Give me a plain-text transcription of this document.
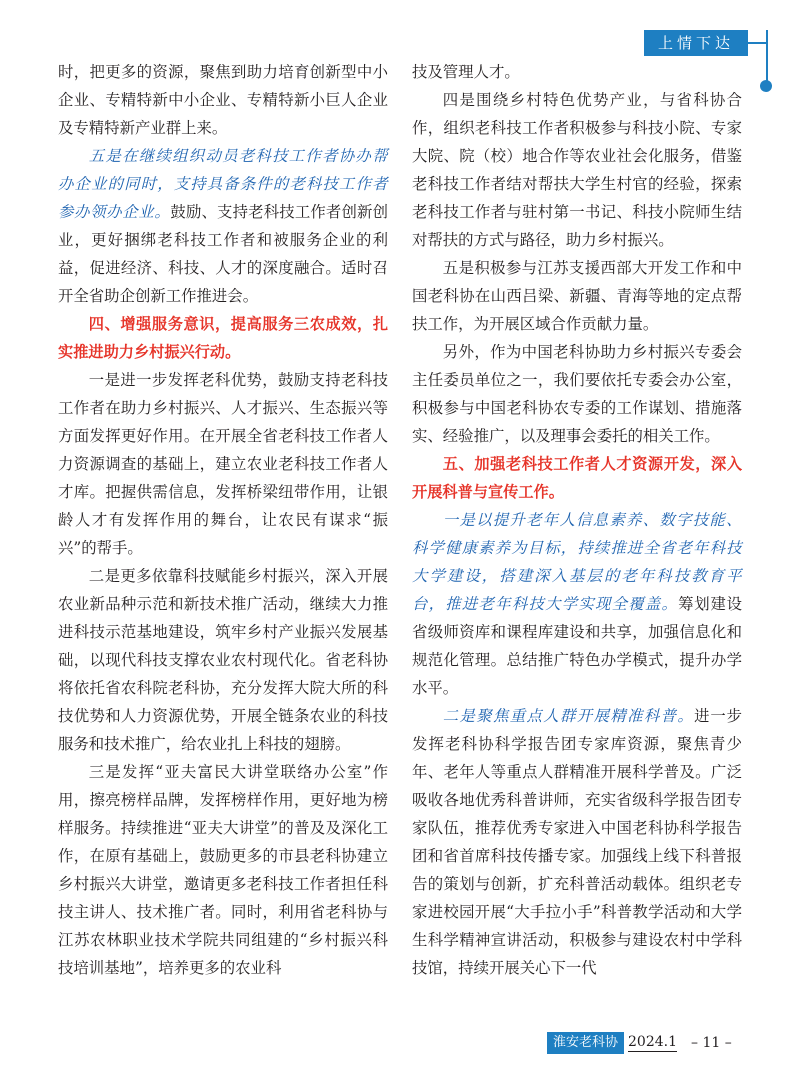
上情下达

时，把更多的资源，聚焦到助力培育创新型中小企业、专精特新中小企业、专精特新小巨人企业及专精特新产业群上来。

五是在继续组织动员老科技工作者协办帮办企业的同时，支持具备条件的老科技工作者参办领办企业。鼓励、支持老科技工作者创新创业，更好捆绑老科技工作者和被服务企业的利益，促进经济、科技、人才的深度融合。适时召开全省助企创新工作推进会。

四、增强服务意识，提高服务三农成效，扎实推进助力乡村振兴行动。

一是进一步发挥老科优势，鼓励支持老科技工作者在助力乡村振兴、人才振兴、生态振兴等方面发挥更好作用。在开展全省老科技工作者人力资源调查的基础上，建立农业老科技工作者人才库。把握供需信息，发挥桥梁纽带作用，让银龄人才有发挥作用的舞台，让农民有谋求“振兴”的帮手。

二是更多依靠科技赋能乡村振兴，深入开展农业新品种示范和新技术推广活动，继续大力推进科技示范基地建设，筑牢乡村产业振兴发展基础，以现代科技支撑农业农村现代化。省老科协将依托省农科院老科协，充分发挥大院大所的科技优势和人力资源优势，开展全链条农业的科技服务和技术推广，给农业扎上科技的翅膀。

三是发挥“亚夫富民大讲堂联络办公室”作用，擦亮榜样品牌，发挥榜样作用，更好地为榜样服务。持续推进“亚夫大讲堂”的普及及深化工作，在原有基础上，鼓励更多的市县老科协建立乡村振兴大讲堂，邀请更多老科技工作者担任科技主讲人、技术推广者。同时，利用省老科协与江苏农林职业技术学院共同组建的“乡村振兴科技培训基地”，培养更多的农业科

技及管理人才。

四是围绕乡村特色优势产业，与省科协合作，组织老科技工作者积极参与科技小院、专家大院、院（校）地合作等农业社会化服务，借鉴老科技工作者结对帮扶大学生村官的经验，探索老科技工作者与驻村第一书记、科技小院师生结对帮扶的方式与路径，助力乡村振兴。

五是积极参与江苏支援西部大开发工作和中国老科协在山西吕梁、新疆、青海等地的定点帮扶工作，为开展区域合作贡献力量。

另外，作为中国老科协助力乡村振兴专委会主任委员单位之一，我们要依托专委会办公室，积极参与中国老科协农专委的工作谋划、措施落实、经验推广，以及理事会委托的相关工作。

五、加强老科技工作者人才资源开发，深入开展科普与宣传工作。

一是以提升老年人信息素养、数字技能、科学健康素养为目标，持续推进全省老年科技大学建设，搭建深入基层的老年科技教育平台，推进老年科技大学实现全覆盖。筹划建设省级师资库和课程库建设和共享，加强信息化和规范化管理。总结推广特色办学模式，提升办学水平。

二是聚焦重点人群开展精准科普。进一步发挥老科协科学报告团专家库资源，聚焦青少年、老年人等重点人群精准开展科学普及。广泛吸收各地优秀科普讲师，充实省级科学报告团专家队伍，推荐优秀专家进入中国老科协科学报告团和省首席科技传播专家。加强线上线下科普报告的策划与创新，扩充科普活动载体。组织老专家进校园开展“大手拉小手”科普教学活动和大学生科学精神宣讲活动，积极参与建设农村中学科技馆，持续开展关心下一代

淮安老科协 2024.1 – 11 –
